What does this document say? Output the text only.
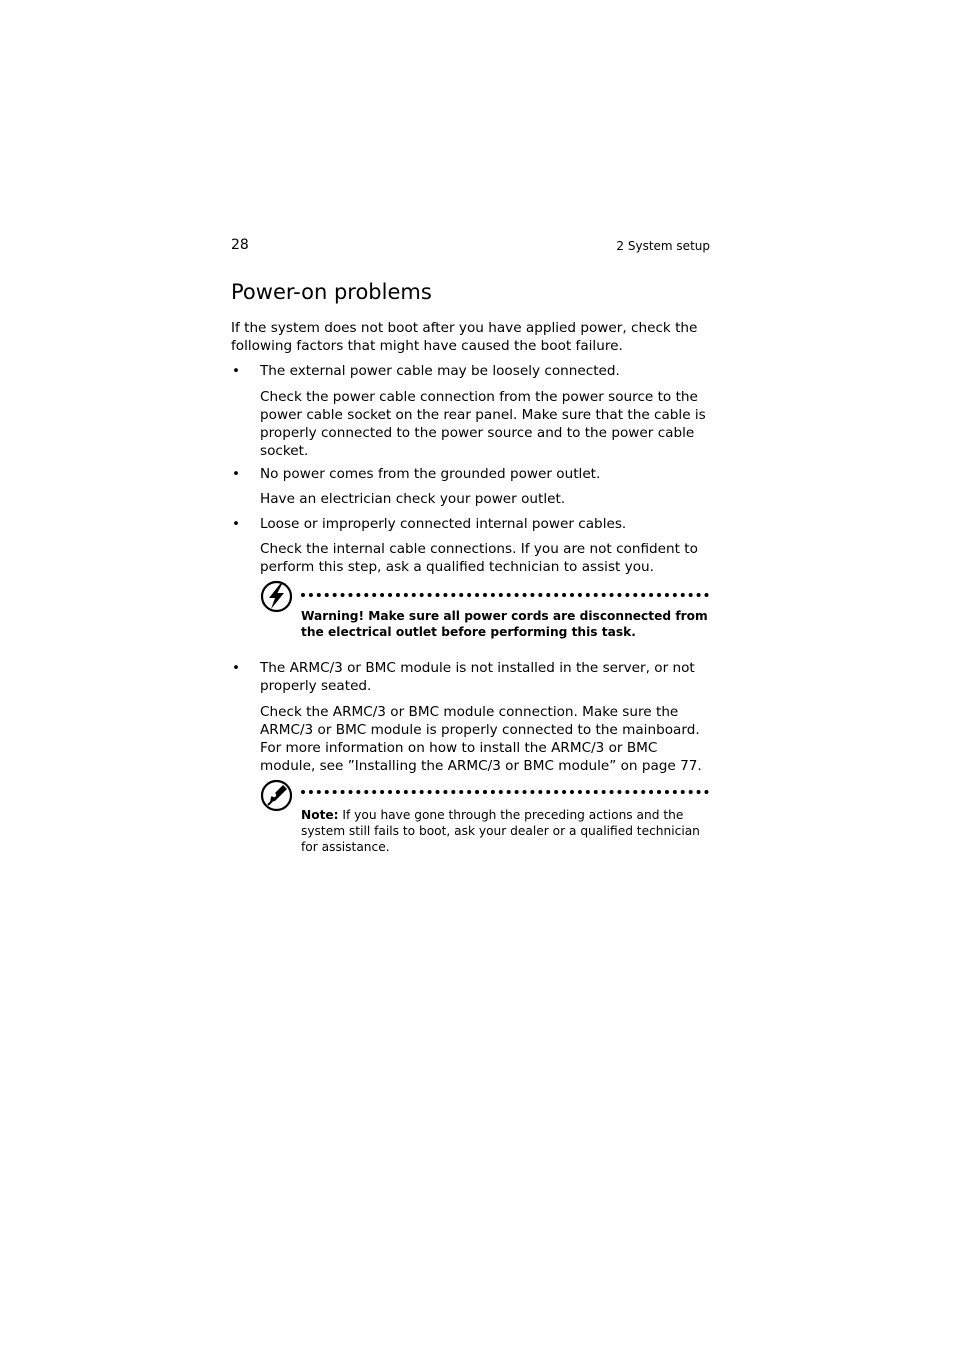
28	2 System setup
Power-on problems

If the system does not boot after you have applied power, check the following factors that might have caused the boot failure.

• The external power cable may be loosely connected.

Check the power cable connection from the power source to the power cable socket on the rear panel. Make sure that the cable is properly connected to the power source and to the power cable socket.

• No power comes from the grounded power outlet.

Have an electrician check your power outlet.

• Loose or improperly connected internal power cables.

Check the internal cable connections. If you are not confident to perform this step, ask a qualified technician to assist you.

Warning! Make sure all power cords are disconnected from the electrical outlet before performing this task.

• The ARMC/3 or BMC module is not installed in the server, or not properly seated.

Check the ARMC/3 or BMC module connection. Make sure the ARMC/3 or BMC module is properly connected to the mainboard. For more information on how to install the ARMC/3 or BMC module, see ”Installing the ARMC/3 or BMC module” on page 77.

Note: If you have gone through the preceding actions and the system still fails to boot, ask your dealer or a qualified technician for assistance.
